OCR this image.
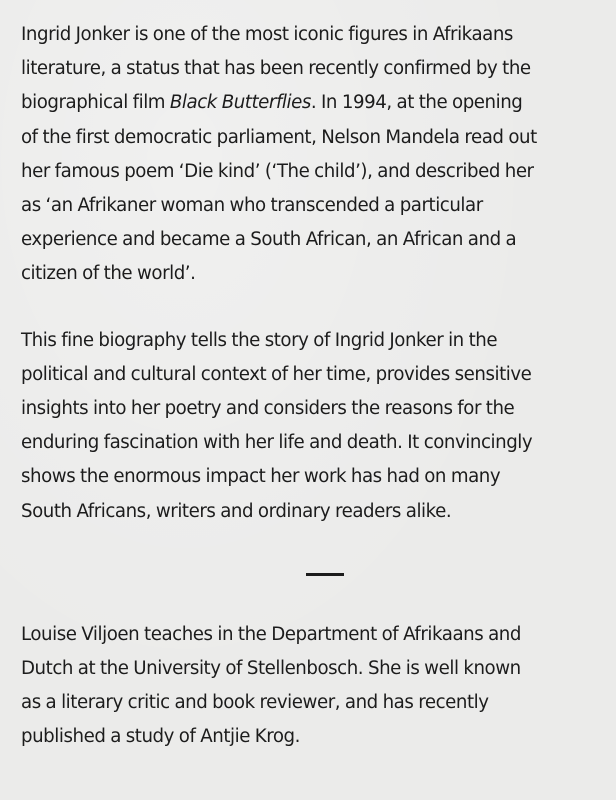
Ingrid Jonker is one of the most iconic figures in Afrikaans
literature, a status that has been recently confirmed by the
biographical film Black Butterflies. In 1994, at the opening
of the first democratic parliament, Nelson Mandela read out
her famous poem ‘Die kind’ (‘The child’), and described her
as ‘an Afrikaner woman who transcended a particular
experience and became a South African, an African and a
citizen of the world’.

This fine biography tells the story of Ingrid Jonker in the
political and cultural context of her time, provides sensitive
insights into her poetry and considers the reasons for the
enduring fascination with her life and death. It convincingly
shows the enormous impact her work has had on many
South Africans, writers and ordinary readers alike.

Louise Viljoen teaches in the Department of Afrikaans and
Dutch at the University of Stellenbosch. She is well known
as a literary critic and book reviewer, and has recently
published a study of Antjie Krog.
